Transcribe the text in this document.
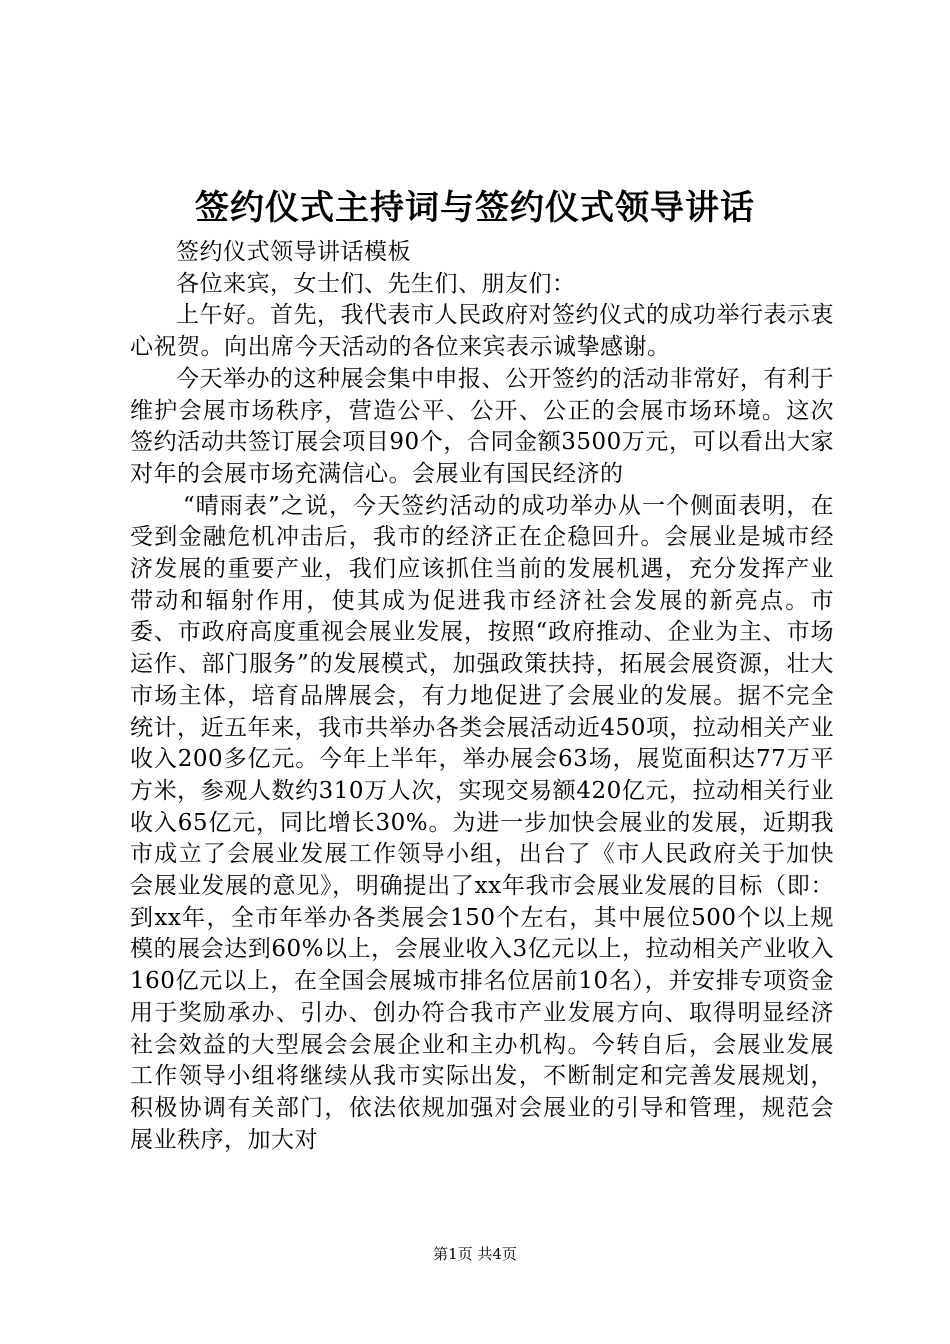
签约仪式主持词与签约仪式领导讲话

签约仪式领导讲话模板

各位来宾，女士们、先生们、朋友们：

上午好。首先，我代表市人民政府对签约仪式的成功举行表示衷心祝贺。向出席今天活动的各位来宾表示诚挚感谢。

今天举办的这种展会集中申报、公开签约的活动非常好，有利于维护会展市场秩序，营造公平、公开、公正的会展市场环境。这次签约活动共签订展会项目90个，合同金额3500万元，可以看出大家对年的会展市场充满信心。会展业有国民经济的

“晴雨表”之说，今天签约活动的成功举办从一个侧面表明，在受到金融危机冲击后，我市的经济正在企稳回升。会展业是城市经济发展的重要产业，我们应该抓住当前的发展机遇，充分发挥产业带动和辐射作用，使其成为促进我市经济社会发展的新亮点。市委、市政府高度重视会展业发展，按照“政府推动、企业为主、市场运作、部门服务”的发展模式，加强政策扶持，拓展会展资源，壮大市场主体，培育品牌展会，有力地促进了会展业的发展。据不完全统计，近五年来，我市共举办各类会展活动近450项，拉动相关产业收入200多亿元。今年上半年，举办展会63场，展览面积达77万平方米，参观人数约310万人次，实现交易额420亿元，拉动相关行业收入65亿元，同比增长30%。为进一步加快会展业的发展，近期我市成立了会展业发展工作领导小组，出台了《市人民政府关于加快会展业发展的意见》，明确提出了xx年我市会展业发展的目标（即：到xx年，全市年举办各类展会150个左右，其中展位500个以上规模的展会达到60%以上，会展业收入3亿元以上，拉动相关产业收入160亿元以上，在全国会展城市排名位居前10名），并安排专项资金用于奖励承办、引办、创办符合我市产业发展方向、取得明显经济社会效益的大型展会会展企业和主办机构。今转自后，会展业发展工作领导小组将继续从我市实际出发，不断制定和完善发展规划，积极协调有关部门，依法依规加强对会展业的引导和管理，规范会展业秩序，加大对

第1页 共4页
